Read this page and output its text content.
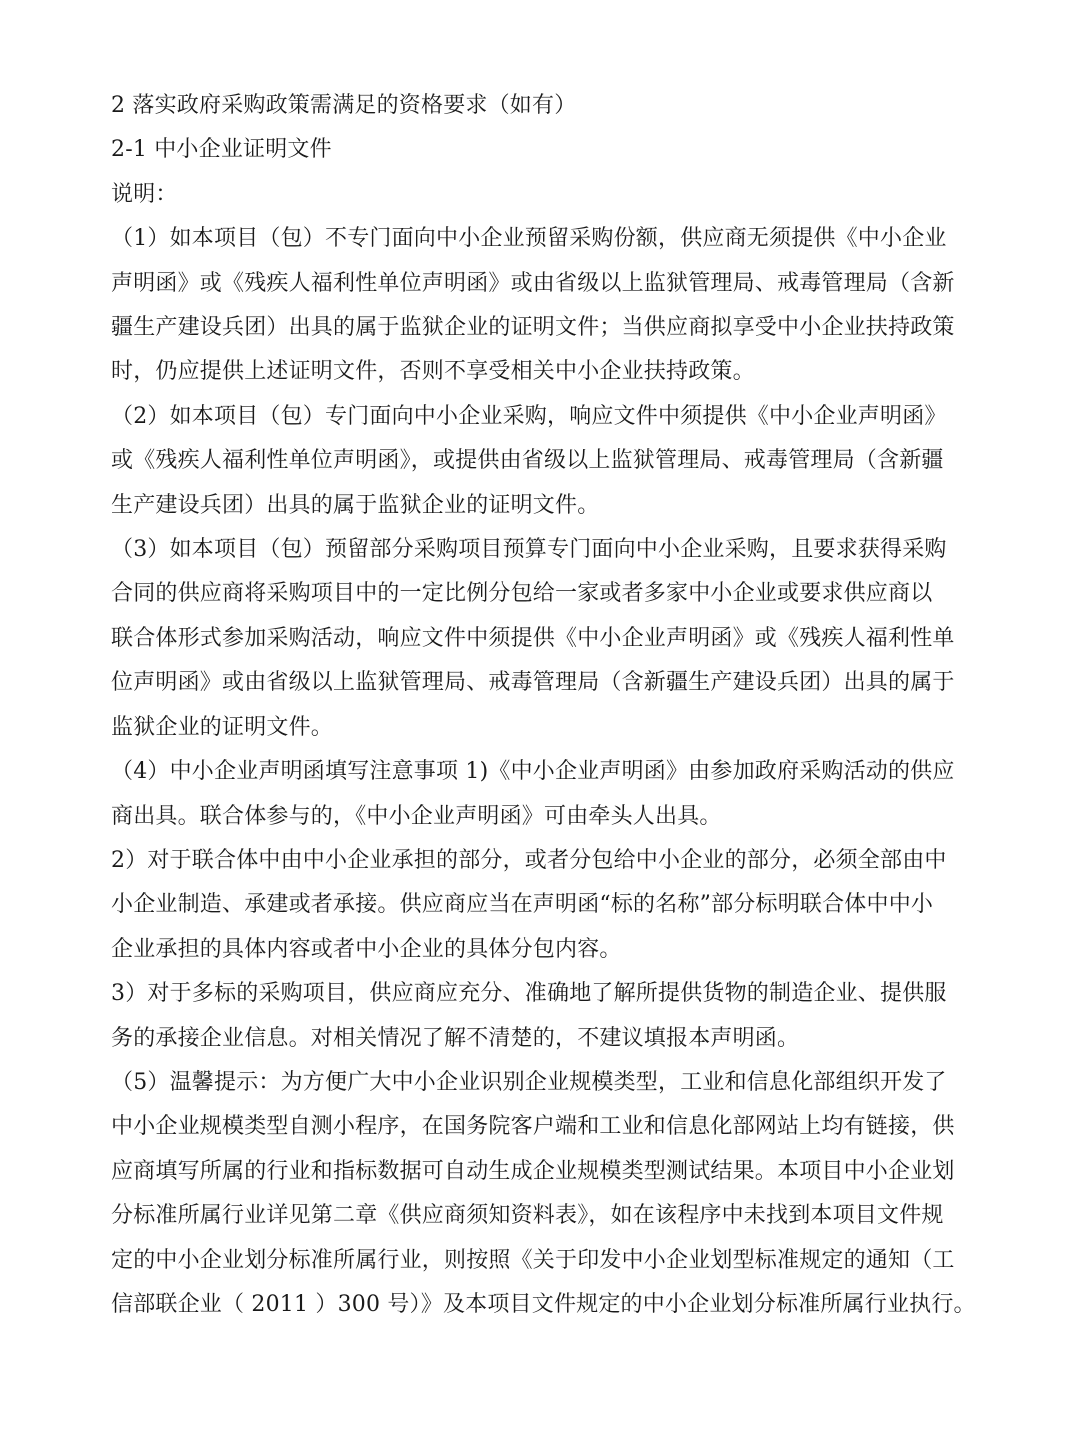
2 落实政府采购政策需满足的资格要求（如有）
2-1 中小企业证明文件
说明：
（1）如本项目（包）不专门面向中小企业预留采购份额，供应商无须提供《中小企业
声明函》或《残疾人福利性单位声明函》或由省级以上监狱管理局、戒毒管理局（含新
疆生产建设兵团）出具的属于监狱企业的证明文件；当供应商拟享受中小企业扶持政策
时，仍应提供上述证明文件，否则不享受相关中小企业扶持政策。
（2）如本项目（包）专门面向中小企业采购，响应文件中须提供《中小企业声明函》
或《残疾人福利性单位声明函》，或提供由省级以上监狱管理局、戒毒管理局（含新疆
生产建设兵团）出具的属于监狱企业的证明文件。
（3）如本项目（包）预留部分采购项目预算专门面向中小企业采购，且要求获得采购
合同的供应商将采购项目中的一定比例分包给一家或者多家中小企业或要求供应商以
联合体形式参加采购活动，响应文件中须提供《中小企业声明函》或《残疾人福利性单
位声明函》或由省级以上监狱管理局、戒毒管理局（含新疆生产建设兵团）出具的属于
监狱企业的证明文件。
（4）中小企业声明函填写注意事项 1)《中小企业声明函》由参加政府采购活动的供应
商出具。联合体参与的，《中小企业声明函》可由牵头人出具。
2）对于联合体中由中小企业承担的部分，或者分包给中小企业的部分，必须全部由中
小企业制造、承建或者承接。供应商应当在声明函“标的名称”部分标明联合体中中小
企业承担的具体内容或者中小企业的具体分包内容。
3）对于多标的采购项目，供应商应充分、准确地了解所提供货物的制造企业、提供服
务的承接企业信息。对相关情况了解不清楚的，不建议填报本声明函。
（5）温馨提示：为方便广大中小企业识别企业规模类型，工业和信息化部组织开发了
中小企业规模类型自测小程序，在国务院客户端和工业和信息化部网站上均有链接，供
应商填写所属的行业和指标数据可自动生成企业规模类型测试结果。本项目中小企业划
分标准所属行业详见第二章《供应商须知资料表》，如在该程序中未找到本项目文件规
定的中小企业划分标准所属行业，则按照《关于印发中小企业划型标准规定的通知（工
信部联企业（ 2011 ）300 号）》及本项目文件规定的中小企业划分标准所属行业执行。
